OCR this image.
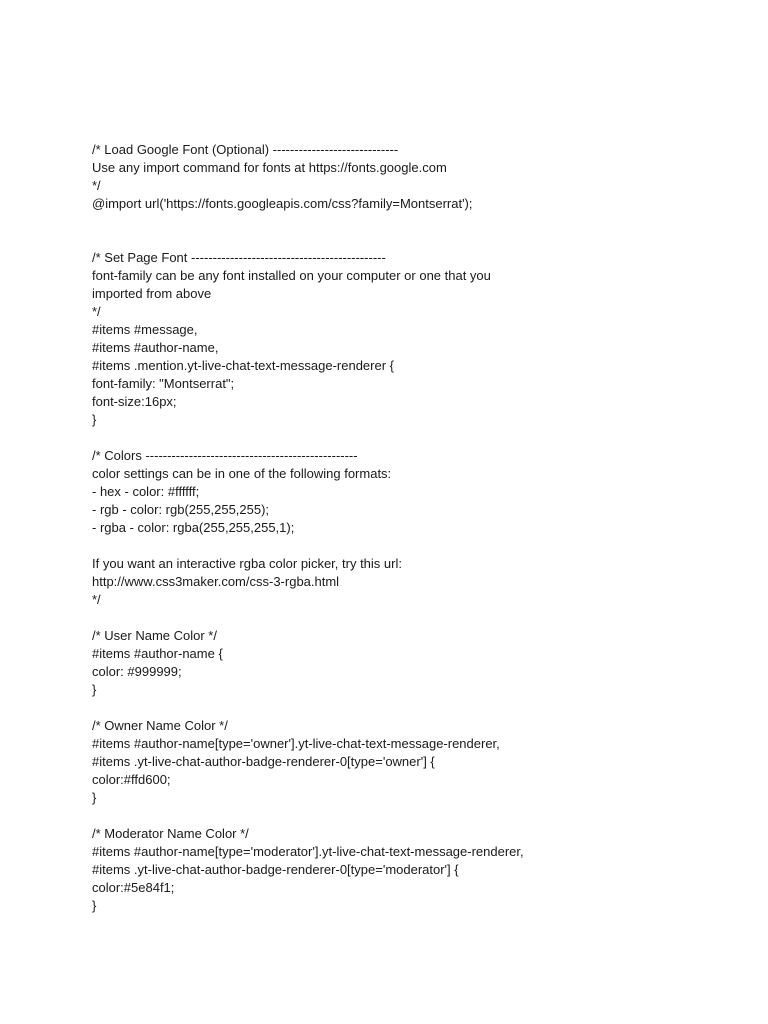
/* Load Google Font (Optional) -----------------------------
Use any import command for fonts at https://fonts.google.com
*/
@import url('https://fonts.googleapis.com/css?family=Montserrat');
/* Set Page Font ---------------------------------------------
font-family can be any font installed on your computer or one that you
imported from above
*/
#items #message,
#items #author-name,
#items .mention.yt-live-chat-text-message-renderer {
font-family: "Montserrat";
font-size:16px;
}
/* Colors -------------------------------------------------
color settings can be in one of the following formats:
- hex - color: #ffffff;
- rgb - color: rgb(255,255,255);
- rgba - color: rgba(255,255,255,1);
If you want an interactive rgba color picker, try this url:
http://www.css3maker.com/css-3-rgba.html
*/
/* User Name Color */
#items #author-name {
color: #999999;
}
/* Owner Name Color */
#items #author-name[type='owner'].yt-live-chat-text-message-renderer,
#items .yt-live-chat-author-badge-renderer-0[type='owner'] {
color:#ffd600;
}
/* Moderator Name Color */
#items #author-name[type='moderator'].yt-live-chat-text-message-renderer,
#items .yt-live-chat-author-badge-renderer-0[type='moderator'] {
color:#5e84f1;
}
